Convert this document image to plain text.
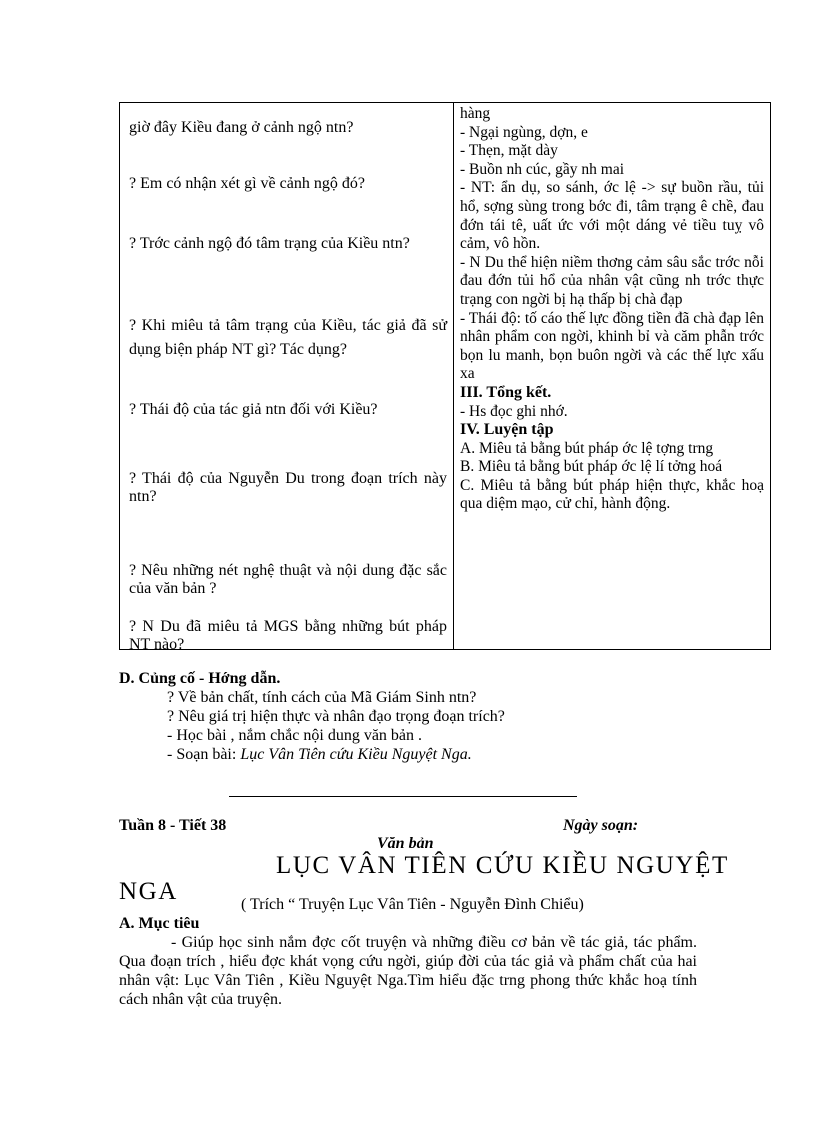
giờ đây Kiều đang ở cảnh ngộ ntn?
? Em có nhận xét gì về cảnh ngộ đó?
? Trớc cảnh ngộ đó tâm trạng của Kiều ntn?
? Khi miêu tả tâm trạng của Kiều, tác giả đã sử dụng biện pháp NT gì? Tác dụng?
? Thái độ của tác giả ntn đối với Kiều?
? Thái độ của Nguyễn Du trong đoạn trích này ntn?
? Nêu những nét nghệ thuật và nội dung đặc sắc của văn bản ?
? N Du đã miêu tả MGS bằng những bút pháp NT nào?

hàng

- Ngại ngùng, dợn, e

- Thẹn, mặt dày

- Buồn nh cúc, gầy nh mai

- NT: ẩn dụ, so sánh, ớc lệ -> sự buồn rầu, tủi hổ, sợng sùng trong bớc đi, tâm trạng ê chề, đau đớn tái tê, uất ức với một dáng vẻ tiều tuỵ vô cảm, vô hồn.

- N Du thể hiện niềm thơng cảm sâu sắc trớc nỗi đau đớn tủi hổ của nhân vật cũng nh trớc thực trạng con ngời bị hạ thấp bị chà đạp

- Thái độ: tố cáo thế lực đồng tiền đã chà đạp lên nhân phẩm con ngời, khinh bỉ và căm phẫn trớc bọn lu manh, bọn buôn ngời và các thế lực xấu xa

III. Tổng kết.

- Hs đọc ghi nhớ.

IV. Luyện tập

A. Miêu tả bằng bút pháp ớc lệ tợng trng

B. Miêu tả bằng bút pháp ớc lệ lí tởng hoá

C. Miêu tả bằng bút pháp hiện thực, khắc hoạ qua diệm mạo, cử chỉ, hành động.

D. Củng cố - Hớng dẫn.
? Về bản chất, tính cách của Mã Giám Sinh ntn?
? Nêu giá trị hiện thực và nhân đạo trọng đoạn trích?
- Học bài , nắm chắc nội dung văn bản .
- Soạn bài: Lục Vân Tiên cứu Kiều Nguyệt Nga.
Tuần 8 - Tiết 38	Ngày soạn:
Văn bản
LỤC VÂN TIÊN CỨU KIỀU NGUYỆT
NGA	( Trích “ Truyện Lục Vân Tiên - Nguyễn Đình Chiểu)
A. Mục tiêu
- Giúp học sinh nắm đợc cốt truyện và những điều cơ bản về tác giả, tác phẩm. Qua đoạn trích , hiểu đợc khát vọng cứu ngời, giúp đời của tác giả và phẩm chất của hai nhân vật: Lục Vân Tiên , Kiều Nguyệt Nga.Tìm hiểu đặc trng phong thức khắc hoạ tính cách nhân vật của truyện.
